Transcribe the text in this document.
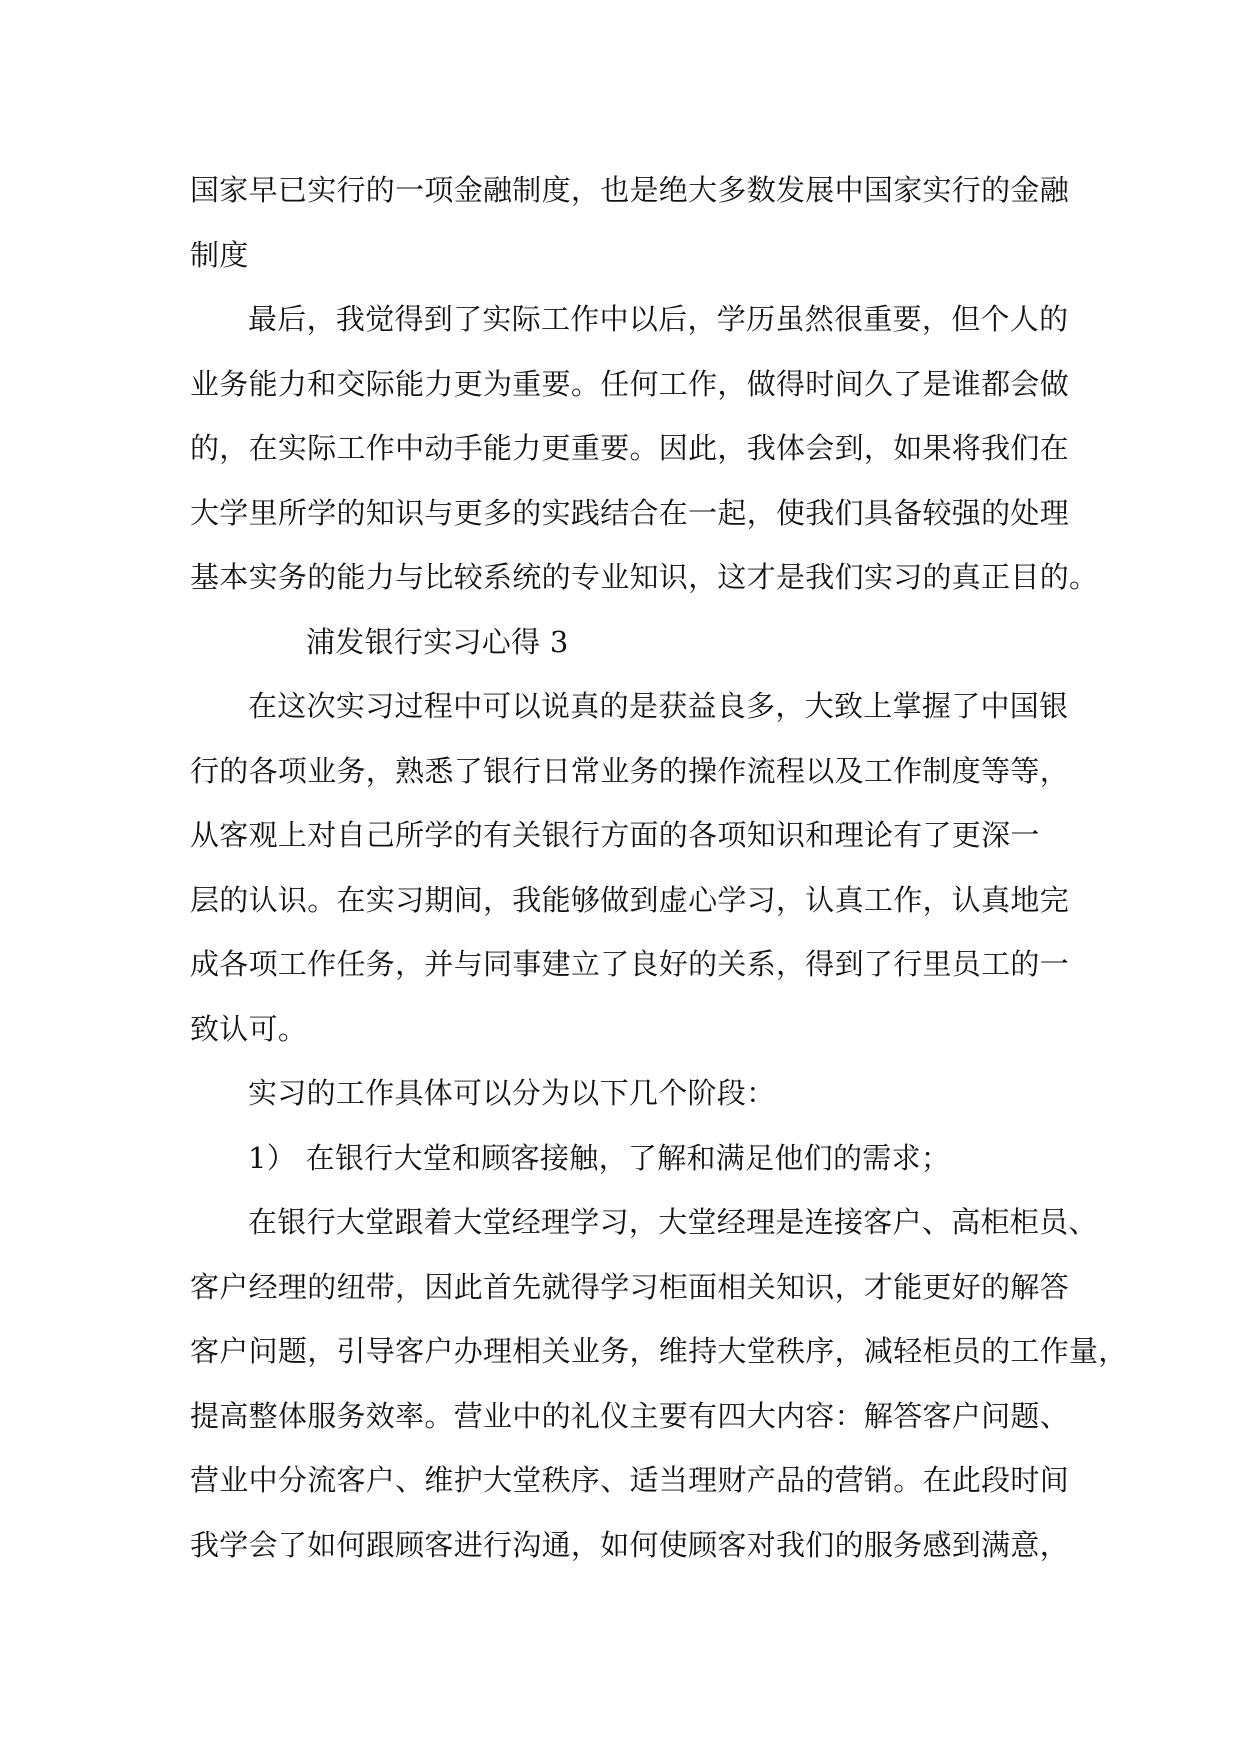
国家早已实行的一项金融制度，也是绝大多数发展中国家实行的金融
制度
最后，我觉得到了实际工作中以后，学历虽然很重要，但个人的
业务能力和交际能力更为重要。任何工作，做得时间久了是谁都会做
的，在实际工作中动手能力更重要。因此，我体会到，如果将我们在
大学里所学的知识与更多的实践结合在一起，使我们具备较强的处理
基本实务的能力与比较系统的专业知识，这才是我们实习的真正目的。
浦发银行实习心得 3
在这次实习过程中可以说真的是获益良多，大致上掌握了中国银
行的各项业务，熟悉了银行日常业务的操作流程以及工作制度等等，
从客观上对自己所学的有关银行方面的各项知识和理论有了更深一
层的认识。在实习期间，我能够做到虚心学习，认真工作，认真地完
成各项工作任务，并与同事建立了良好的关系，得到了行里员工的一
致认可。
实习的工作具体可以分为以下几个阶段：
1） 在银行大堂和顾客接触，了解和满足他们的需求；
在银行大堂跟着大堂经理学习，大堂经理是连接客户、高柜柜员、
客户经理的纽带，因此首先就得学习柜面相关知识，才能更好的解答
客户问题，引导客户办理相关业务，维持大堂秩序，减轻柜员的工作量，
提高整体服务效率。营业中的礼仪主要有四大内容：解答客户问题、
营业中分流客户、维护大堂秩序、适当理财产品的营销。在此段时间
我学会了如何跟顾客进行沟通，如何使顾客对我们的服务感到满意，
